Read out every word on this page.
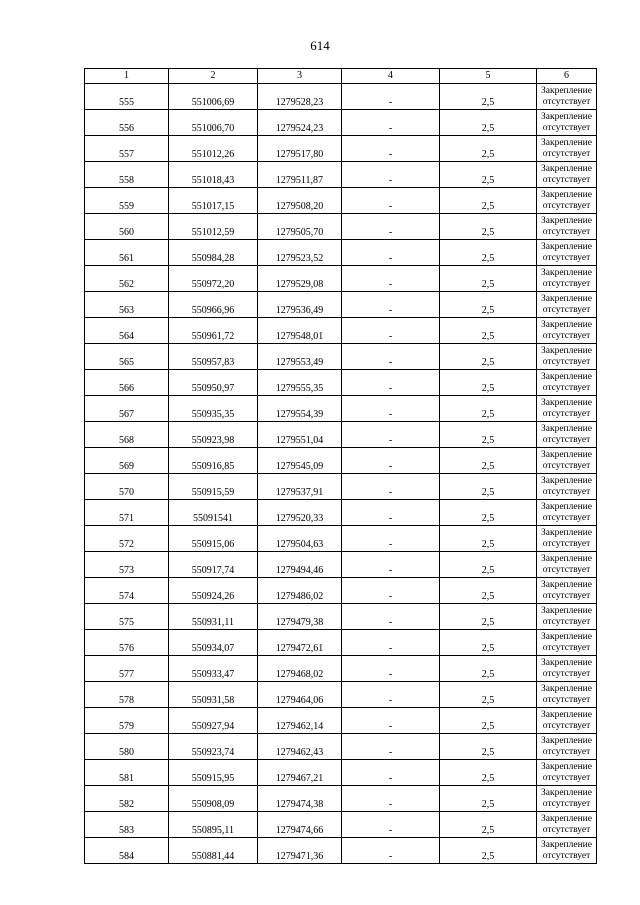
614
1	2	3	4	5	6
555	551006,69	1279528,23	-	2,5	Закрепление
отсутствует

556	551006,70	1279524,23	-	2,5	Закрепление
отсутствует

557	551012,26	1279517,80	-	2,5	Закрепление
отсутствует

558	551018,43	1279511,87	-	2,5	Закрепление
отсутствует

559	551017,15	1279508,20	-	2,5	Закрепление
отсутствует

560	551012,59	1279505,70	-	2,5	Закрепление
отсутствует

561	550984,28	1279523,52	-	2,5	Закрепление
отсутствует

562	550972,20	1279529,08	-	2,5	Закрепление
отсутствует

563	550966,96	1279536,49	-	2,5	Закрепление
отсутствует

564	550961,72	1279548,01	-	2,5	Закрепление
отсутствует

565	550957,83	1279553,49	-	2,5	Закрепление
отсутствует

566	550950,97	1279555,35	-	2,5	Закрепление
отсутствует

567	550935,35	1279554,39	-	2,5	Закрепление
отсутствует

568	550923,98	1279551,04	-	2,5	Закрепление
отсутствует

569	550916,85	1279545,09	-	2,5	Закрепление
отсутствует

570	550915,59	1279537,91	-	2,5	Закрепление
отсутствует

571	55091541	1279520,33	-	2,5	Закрепление
отсутствует

572	550915,06	1279504,63	-	2,5	Закрепление
отсутствует

573	550917,74	1279494,46	-	2,5	Закрепление
отсутствует

574	550924,26	1279486,02	-	2,5	Закрепление
отсутствует

575	550931,11	1279479,38	-	2,5	Закрепление
отсутствует

576	550934,07	1279472,61	-	2,5	Закрепление
отсутствует

577	550933,47	1279468,02	-	2,5	Закрепление
отсутствует

578	550931,58	1279464,06	-	2,5	Закрепление
отсутствует

579	550927,94	1279462,14	-	2,5	Закрепление
отсутствует

580	550923,74	1279462,43	-	2,5	Закрепление
отсутствует

581	550915,95	1279467,21	-	2,5	Закрепление
отсутствует

582	550908,09	1279474,38	-	2,5	Закрепление
отсутствует

583	550895,11	1279474,66	-	2,5	Закрепление
отсутствует

584	550881,44	1279471,36	-	2,5	Закрепление
отсутствует
